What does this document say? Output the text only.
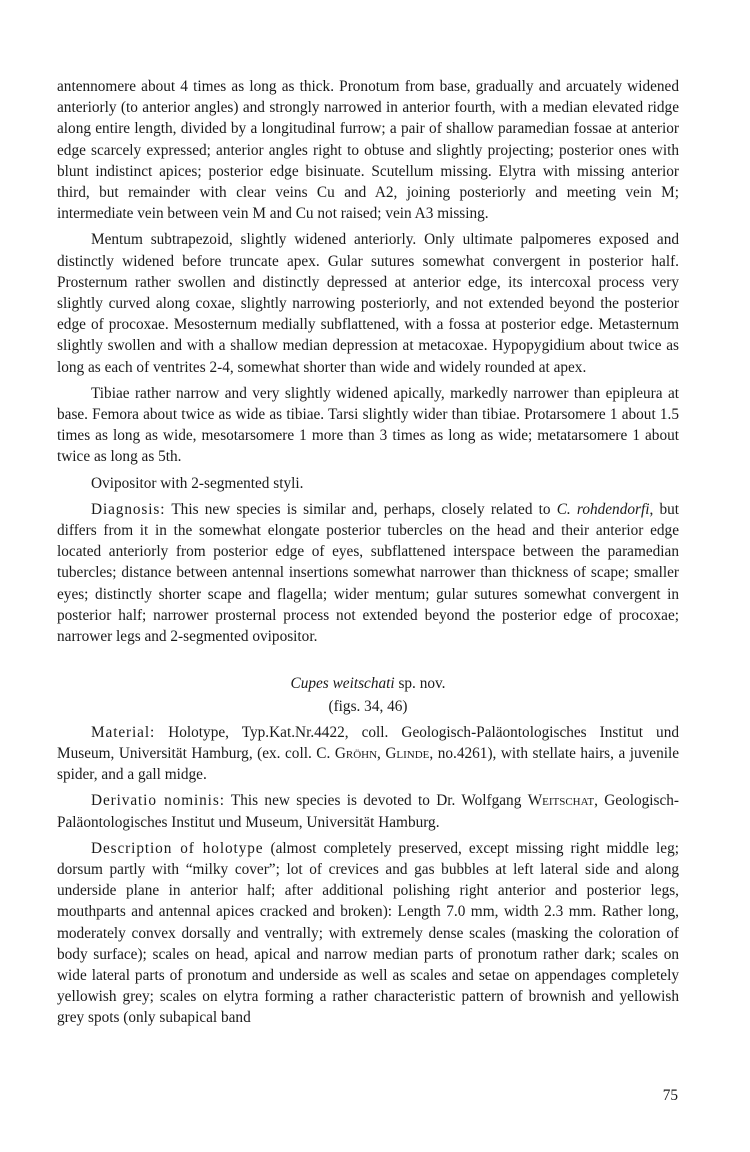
antennomere about 4 times as long as thick. Pronotum from base, gradually and arcuately widened anteriorly (to anterior angles) and strongly narrowed in anterior fourth, with a median elevated ridge along entire length, divided by a longitudinal furrow; a pair of shallow paramedian fossae at anterior edge scarcely expressed; anterior angles right to obtuse and slightly projecting; posterior ones with blunt indistinct apices; posterior edge bisinuate. Scutellum missing. Elytra with missing anterior third, but remainder with clear veins Cu and A2, joining posteriorly and meeting vein M; intermediate vein between vein M and Cu not raised; vein A3 missing.

Mentum subtrapezoid, slightly widened anteriorly. Only ultimate palpomeres exposed and distinctly widened before truncate apex. Gular sutures somewhat convergent in posterior half. Prosternum rather swollen and distinctly depressed at anterior edge, its intercoxal process very slightly curved along coxae, slightly narrowing posteriorly, and not extended beyond the posterior edge of procoxae. Mesosternum medially subflattened, with a fossa at posterior edge. Metasternum slightly swollen and with a shallow median depression at metacoxae. Hypopygidium about twice as long as each of ventrites 2-4, somewhat shorter than wide and widely rounded at apex.

Tibiae rather narrow and very slightly widened apically, markedly narrower than epipleura at base. Femora about twice as wide as tibiae. Tarsi slightly wider than tibiae. Protarsomere 1 about 1.5 times as long as wide, mesotarsomere 1 more than 3 times as long as wide; metatarsomere 1 about twice as long as 5th.

Ovipositor with 2-segmented styli.

Diagnosis: This new species is similar and, perhaps, closely related to C. rohdendorfi, but differs from it in the somewhat elongate posterior tubercles on the head and their anterior edge located anteriorly from posterior edge of eyes, subflattened interspace between the paramedian tubercles; distance between antennal insertions somewhat narrower than thickness of scape; smaller eyes; distinctly shorter scape and flagella; wider mentum; gular sutures somewhat convergent in posterior half; narrower prosternal process not extended beyond the posterior edge of procoxae; narrower legs and 2-segmented ovipositor.

Cupes weitschati sp. nov.

(figs. 34, 46)

Material: Holotype, Typ.Kat.Nr.4422, coll. Geologisch-Paläontologisches Institut und Museum, Universität Hamburg, (ex. coll. C. Gröhn, Glinde, no.4261), with stellate hairs, a juvenile spider, and a gall midge.

Derivatio nominis: This new species is devoted to Dr. Wolfgang Weitschat, Geologisch-Paläontologisches Institut und Museum, Universität Hamburg.

Description of holotype (almost completely preserved, except missing right middle leg; dorsum partly with “milky cover”; lot of crevices and gas bubbles at left lateral side and along underside plane in anterior half; after additional polishing right anterior and posterior legs, mouthparts and antennal apices cracked and broken): Length 7.0 mm, width 2.3 mm. Rather long, moderately convex dorsally and ventrally; with extremely dense scales (masking the coloration of body surface); scales on head, apical and narrow median parts of pronotum rather dark; scales on wide lateral parts of pronotum and underside as well as scales and setae on appendages completely yellowish grey; scales on elytra forming a rather characteristic pattern of brownish and yellowish grey spots (only subapical band

75
